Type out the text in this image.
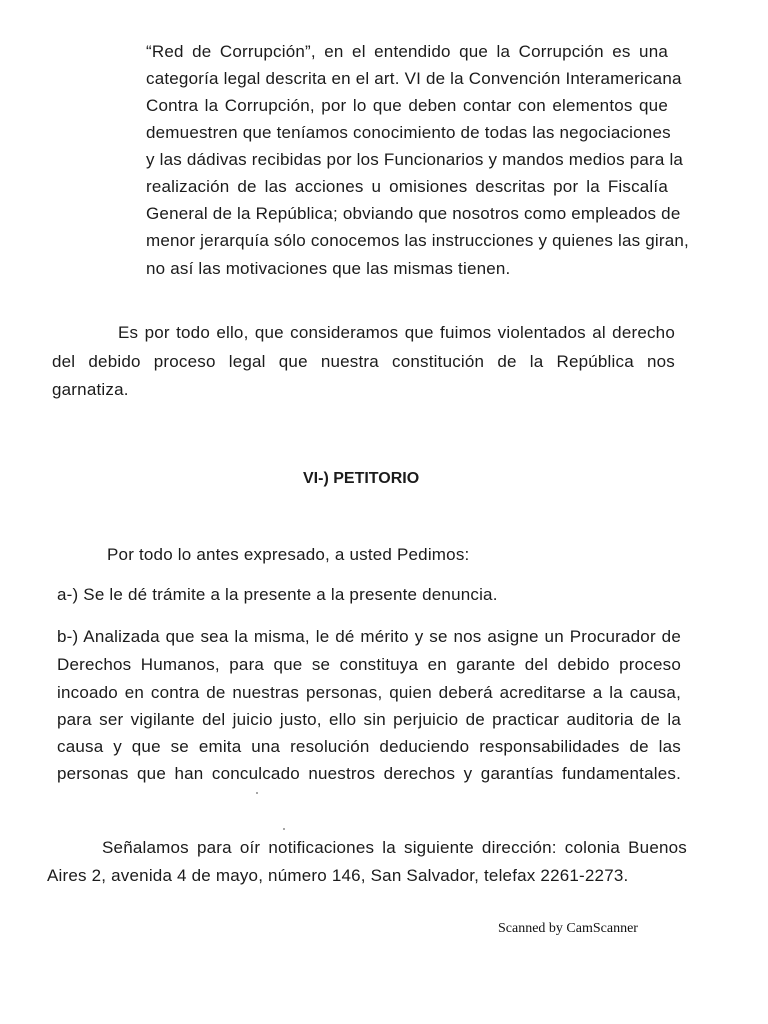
“Red de Corrupción”, en el entendido que la Corrupción es una
categoría legal descrita en el art. VI de la Convención Interamericana
Contra la Corrupción, por lo que deben contar con elementos que
demuestren que teníamos conocimiento de todas las negociaciones
y las dádivas recibidas por los Funcionarios y mandos medios para la
realización de las acciones u omisiones descritas por la Fiscalía
General de la República; obviando que nosotros como empleados de
menor jerarquía sólo conocemos las instrucciones y quienes las giran,
no así las motivaciones que las mismas tienen.
Es por todo ello, que consideramos que fuimos violentados al derecho
del debido proceso legal que nuestra constitución de la República nos
garnatiza.
VI-) PETITORIO
Por todo lo antes expresado, a usted Pedimos:
a-) Se le dé trámite a la presente a la presente denuncia.
b-) Analizada que sea la misma, le dé mérito y se nos asigne un Procurador de
Derechos Humanos, para que se constituya en garante del debido proceso
incoado en contra de nuestras personas, quien deberá acreditarse a la causa,
para ser vigilante del juicio justo, ello sin perjuicio de practicar auditoria de la
causa y que se emita una resolución deduciendo responsabilidades de las
personas que han conculcado nuestros derechos y garantías fundamentales.
Señalamos para oír notificaciones la siguiente dirección: colonia Buenos
Aires 2, avenida 4 de mayo, número 146, San Salvador, telefax 2261-2273.
Scanned by CamScanner
